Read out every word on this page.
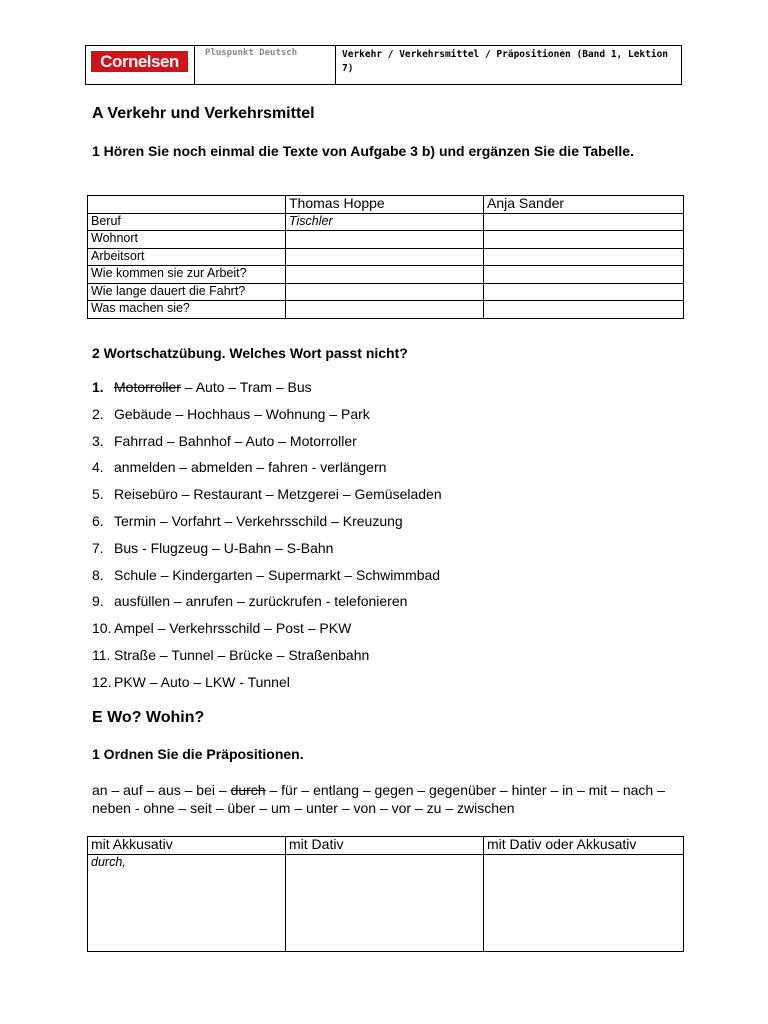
Cornelsen	Pluspunkt Deutsch	Verkehr / Verkehrsmittel / Präpositionen (Band 1, Lektion 7)
A Verkehr und Verkehrsmittel

1 Hören Sie noch einmal die Texte von Aufgabe 3 b) und ergänzen Sie die Tabelle.

	Thomas Hoppe	Anja Sander
Beruf	Tischler	
Wohnort		
Arbeitsort		
Wie kommen sie zur Arbeit?		
Wie lange dauert die Fahrt?		
Was machen sie?		

2 Wortschatzübung. Welches Wort passt nicht?

1. Motorroller – Auto – Tram – Bus
2. Gebäude – Hochhaus – Wohnung – Park
3. Fahrrad – Bahnhof – Auto – Motorroller
4. anmelden – abmelden – fahren - verlängern
5. Reisebüro – Restaurant – Metzgerei – Gemüseladen
6. Termin – Vorfahrt – Verkehrsschild – Kreuzung
7. Bus - Flugzeug – U-Bahn – S-Bahn
8. Schule – Kindergarten – Supermarkt – Schwimmbad
9. ausfüllen – anrufen – zurückrufen - telefonieren
10. Ampel – Verkehrsschild – Post – PKW
11. Straße – Tunnel – Brücke – Straßenbahn
12. PKW – Auto – LKW - Tunnel
E Wo? Wohin?

1 Ordnen Sie die Präpositionen.

an – auf – aus – bei – durch – für – entlang – gegen – gegenüber – hinter – in – mit – nach – neben - ohne – seit – über – um – unter – von – vor – zu – zwischen

mit Akkusativ	mit Dativ	mit Dativ oder Akkusativ
durch,		
